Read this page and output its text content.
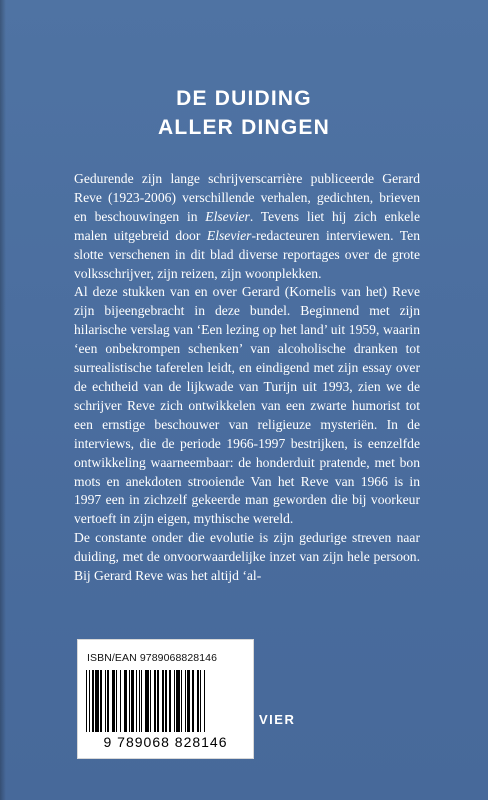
DE DUIDING
ALLER DINGEN

Gedurende zijn lange schrijverscarrière publiceerde Gerard Reve (1923-2006) verschillende verhalen, gedichten, brieven en beschouwingen in Elsevier. Tevens liet hij zich enkele malen uitgebreid door Elsevier-redacteuren interviewen. Ten slotte verschenen in dit blad diverse reportages over de grote volksschrijver, zijn reizen, zijn woonplekken.

Al deze stukken van en over Gerard (Kornelis van het) Reve zijn bijeengebracht in deze bundel. Beginnend met zijn hilarische verslag van ‘Een lezing op het land’ uit 1959, waarin ‘een onbekrompen schenken’ van alcoholische dranken tot surrealistische taferelen leidt, en eindigend met zijn essay over de echtheid van de lijkwade van Turijn uit 1993, zien we de schrijver Reve zich ontwikkelen van een zwarte humorist tot een ernstige beschouwer van religieuze mysteriën. In de interviews, die de periode 1966-1997 bestrijken, is eenzelfde ontwikkeling waarneembaar: de honderduit pratende, met bon mots en anekdoten strooiende Van het Reve van 1966 is in 1997 een in zichzelf gekeerde man geworden die bij voorkeur vertoeft in zijn eigen, mythische wereld.

De constante onder die evolutie is zijn gedurige streven naar duiding, met de onvoorwaardelijke inzet van zijn hele persoon. Bij Gerard Reve was het altijd ‘al-

VIER
ISBN/EAN 9789068828146
9 789068 828146
